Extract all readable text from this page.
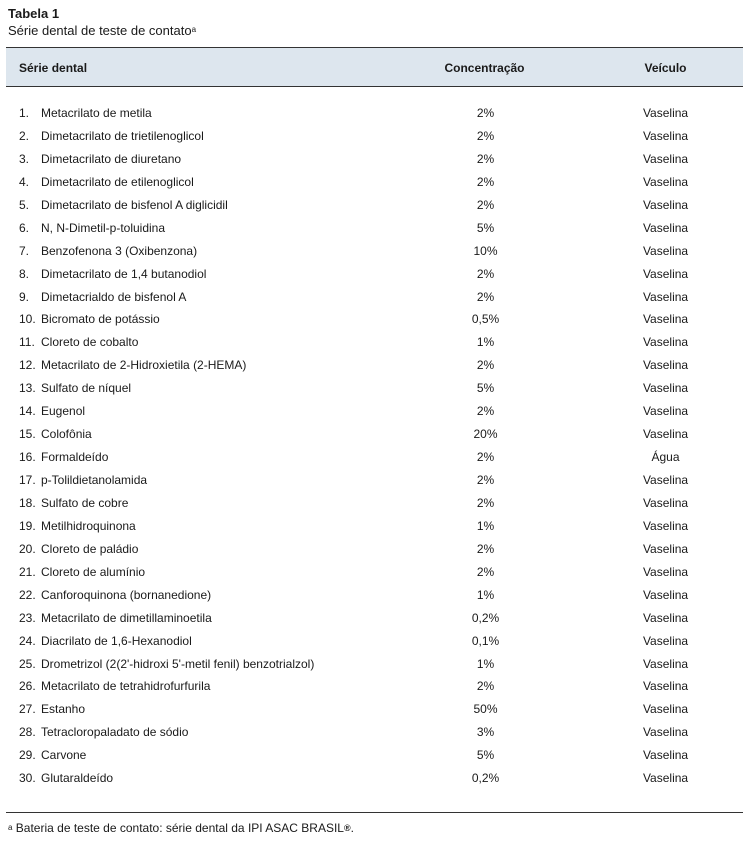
Tabela 1
Série dental de teste de contato$^a$
Série dental	Concentração	Veículo
1. Metacrilato de metila	2%	Vaselina
2. Dimetacrilato de trietilenoglicol	2%	Vaselina
3. Dimetacrilato de diuretano	2%	Vaselina
4. Dimetacrilato de etilenoglicol	2%	Vaselina
5. Dimetacrilato de bisfenol A diglicidil	2%	Vaselina
6. N, N-Dimetil-p-toluidina	5%	Vaselina
7. Benzofenona 3 (Oxibenzona)	10%	Vaselina
8. Dimetacrilato de 1,4 butanodiol	2%	Vaselina
9. Dimetacrialdo de bisfenol A	2%	Vaselina
10. Bicromato de potássio	0,5%	Vaselina
11. Cloreto de cobalto	1%	Vaselina
12. Metacrilato de 2-Hidroxietila (2-HEMA)	2%	Vaselina
13. Sulfato de níquel	5%	Vaselina
14. Eugenol	2%	Vaselina
15. Colofônia	20%	Vaselina
16. Formaldeído	2%	Água
17. p-Tolildietanolamida	2%	Vaselina
18. Sulfato de cobre	2%	Vaselina
19. Metilhidroquinona	1%	Vaselina
20. Cloreto de paládio	2%	Vaselina
21. Cloreto de alumínio	2%	Vaselina
22. Canforoquinona (bornanedione)	1%	Vaselina
23. Metacrilato de dimetillaminoetila	0,2%	Vaselina
24. Diacrilato de 1,6-Hexanodiol	0,1%	Vaselina
25. Drometrizol (2(2'-hidroxi 5'-metil fenil) benzotrialzol)	1%	Vaselina
26. Metacrilato de tetrahidrofurfurila	2%	Vaselina
27. Estanho	50%	Vaselina
28. Tetracloropaladato de sódio	3%	Vaselina
29. Carvone	5%	Vaselina
30. Glutaraldeído	0,2%	Vaselina
$^a$ Bateria de teste de contato: série dental da IPI ASAC BRASIL®.
